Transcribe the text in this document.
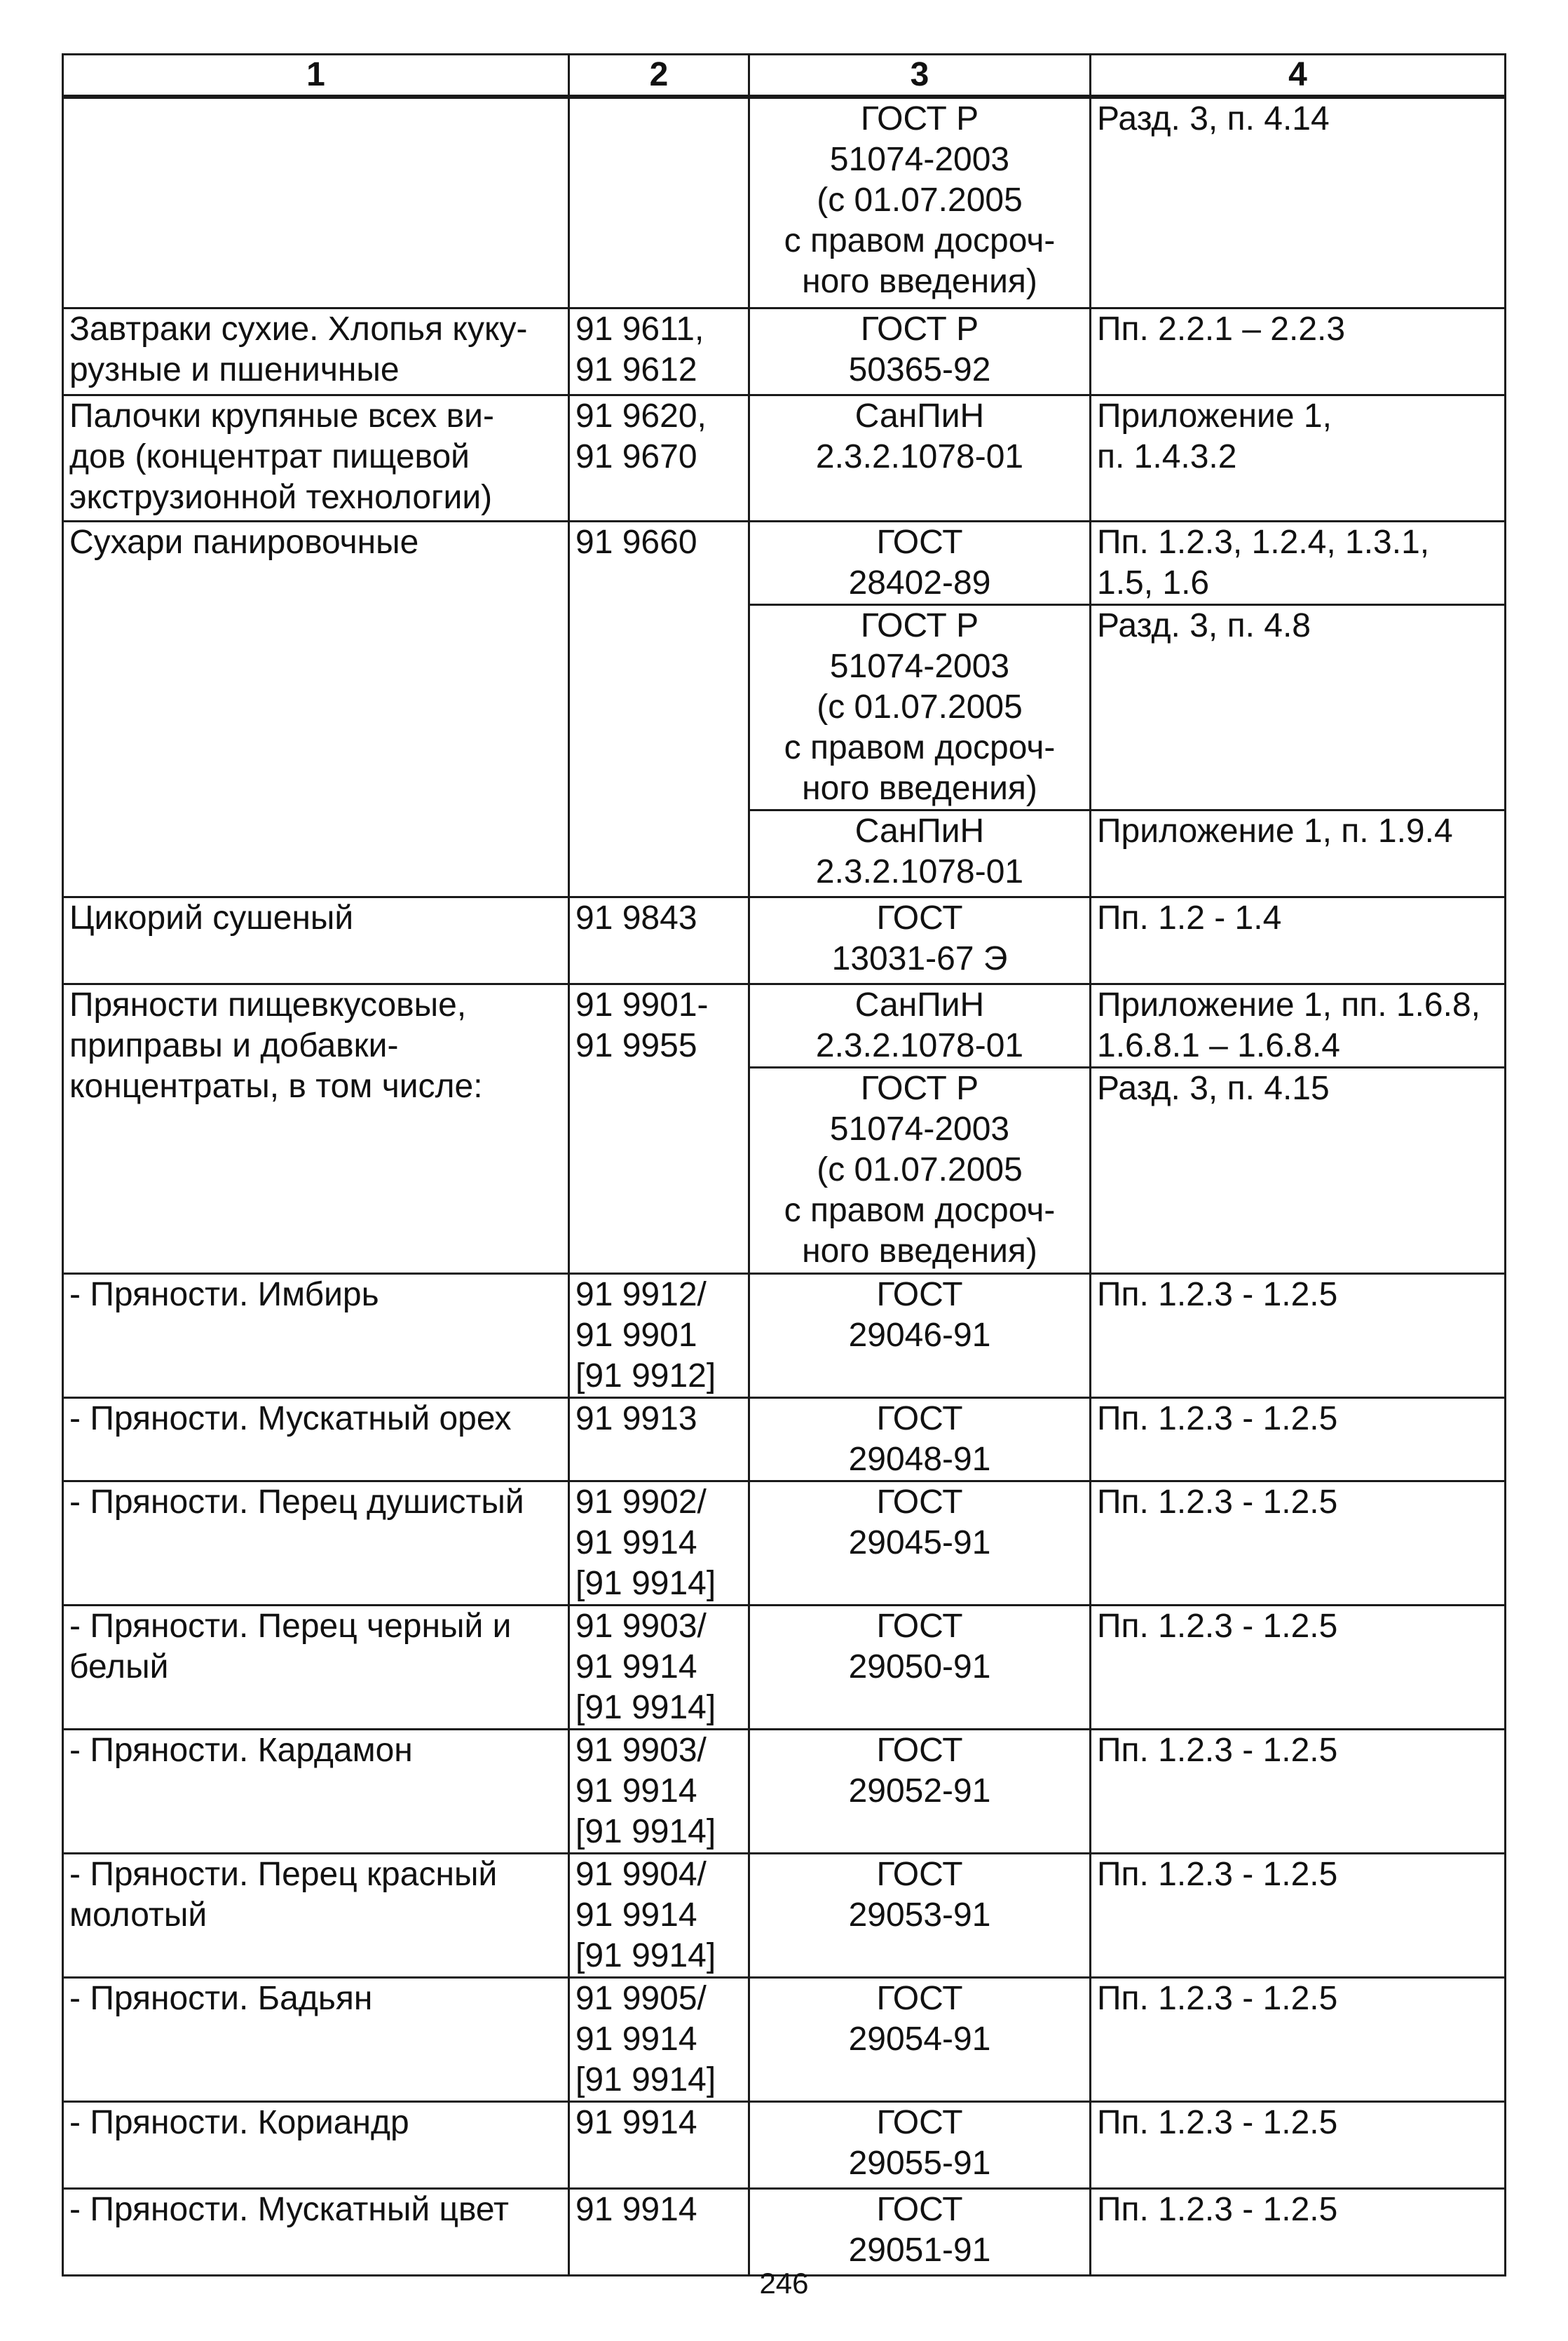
1	2	3	4

		ГОСТ Р
51074-2003
(с 01.07.2005
с правом досроч-
ного введения)	Разд. 3, п. 4.14

Завтраки сухие. Хлопья куку-
рузные и пшеничные	91 9611,
91 9612	ГОСТ Р
50365-92	Пп. 2.2.1 – 2.2.3

Палочки крупяные всех ви-
дов (концентрат пищевой
экструзионной технологии)	91 9620,
91 9670	СанПиН
2.3.2.1078-01	Приложение 1,
п. 1.4.3.2

Сухари панировочные	91 9660	ГОСТ
28402-89	Пп. 1.2.3, 1.2.4, 1.3.1,
1.5, 1.6

		ГОСТ Р
51074-2003
(с 01.07.2005
с правом досроч-
ного введения)	Разд. 3, п. 4.8

		СанПиН
2.3.2.1078-01	Приложение 1, п. 1.9.4

Цикорий сушеный	91 9843	ГОСТ
13031-67 Э	Пп. 1.2 - 1.4

Пряности пищевкусовые,
приправы и добавки-
концентраты, в том числе:	91 9901-
91 9955	СанПиН
2.3.2.1078-01	Приложение 1, пп. 1.6.8,
1.6.8.1 – 1.6.8.4

		ГОСТ Р
51074-2003
(с 01.07.2005
с правом досроч-
ного введения)	Разд. 3, п. 4.15

- Пряности. Имбирь	91 9912/
91 9901
[91 9912]	ГОСТ
29046-91	Пп. 1.2.3 - 1.2.5

- Пряности. Мускатный орех	91 9913	ГОСТ
29048-91	Пп. 1.2.3 - 1.2.5

- Пряности. Перец душистый	91 9902/
91 9914
[91 9914]	ГОСТ
29045-91	Пп. 1.2.3 - 1.2.5

- Пряности. Перец черный и
белый	91 9903/
91 9914
[91 9914]	ГОСТ
29050-91	Пп. 1.2.3 - 1.2.5

- Пряности. Кардамон	91 9903/
91 9914
[91 9914]	ГОСТ
29052-91	Пп. 1.2.3 - 1.2.5

- Пряности. Перец красный
молотый	91 9904/
91 9914
[91 9914]	ГОСТ
29053-91	Пп. 1.2.3 - 1.2.5

- Пряности. Бадьян	91 9905/
91 9914
[91 9914]	ГОСТ
29054-91	Пп. 1.2.3 - 1.2.5

- Пряности. Кориандр	91 9914	ГОСТ
29055-91	Пп. 1.2.3 - 1.2.5

- Пряности. Мускатный цвет	91 9914	ГОСТ
29051-91	Пп. 1.2.3 - 1.2.5
246
